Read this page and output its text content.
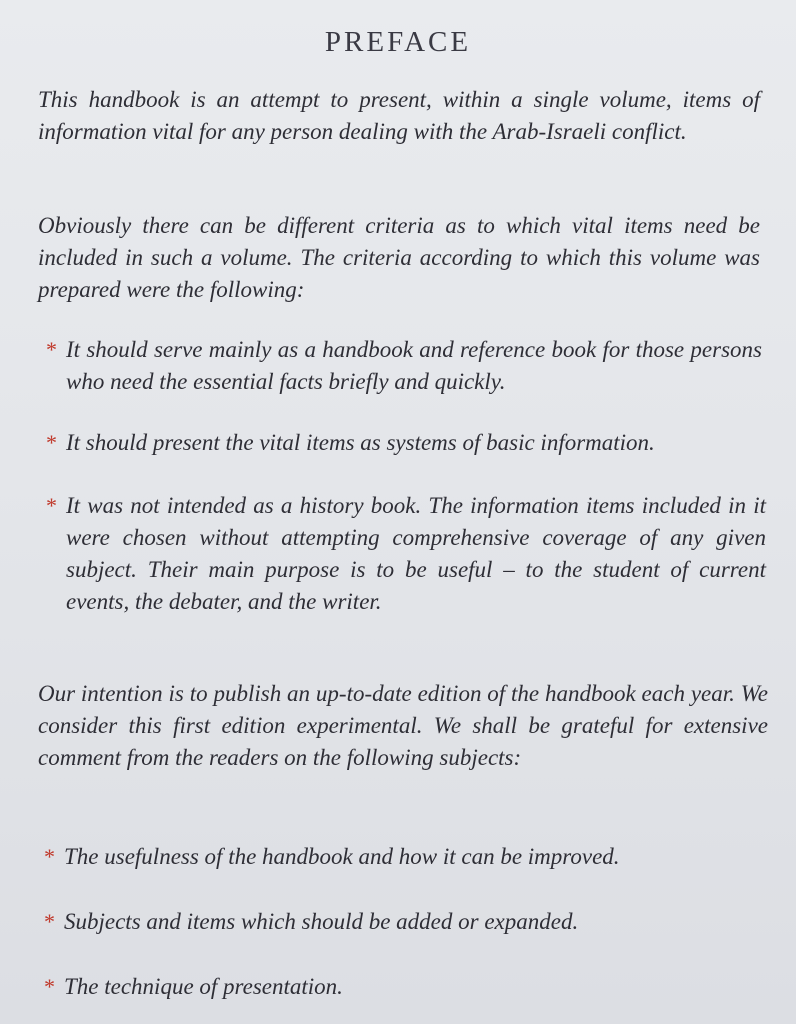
PREFACE
This handbook is an attempt to present, within a single volume, items of information vital for any person dealing with the Arab-Israeli conflict.
Obviously there can be different criteria as to which vital items need be included in such a volume. The criteria according to which this volume was prepared were the following:
* It should serve mainly as a handbook and reference book for those persons who need the essential facts briefly and quickly.
* It should present the vital items as systems of basic information.
* It was not intended as a history book. The information items included in it were chosen without attempting comprehensive coverage of any given subject. Their main purpose is to be useful – to the student of current events, the debater, and the writer.
Our intention is to publish an up-to-date edition of the handbook each year. We consider this first edition experimental. We shall be grateful for extensive comment from the readers on the following subjects:
* The usefulness of the handbook and how it can be improved.
* Subjects and items which should be added or expanded.
* The technique of presentation.
